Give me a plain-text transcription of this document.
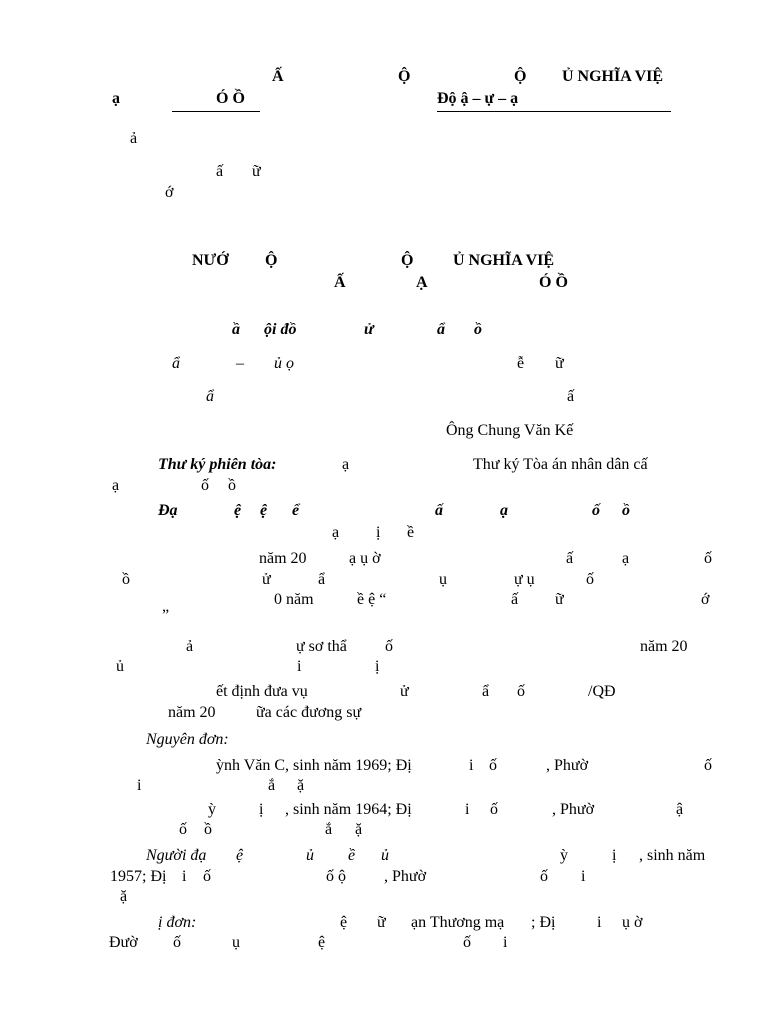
Ấ	Ộ	Ộ Ủ NGHĨA VIỆ
ạ	Ó Ồ	Độ ậ – ự – ạ
ả
ấ ữ
ớ
NƯỚ Ộ	Ộ Ủ NGHĨA VIỆ
Ấ	Ạ	Ó Ồ
ầ ội đồ	ử	ẩ ồ
ẩ	– ủ ọ	ễ ữ
ẩ	ấ
Ông Chung Văn Kế
Thư ký phiên tòa:	ạ	Thư ký Tòa án nhân dân cấ
ạ	ố ồ
Đạ	ệ ệ ể	ấ	ạ	ố ồ
ạ ị ề
năm 20	ạ ụ ờ	ấ	ạ	ố
ồ	ử	ẩ	ụ	ự ụ	ố
0 năm	ề ệ “	ấ ữ	ớ
”
ả	ự sơ thẩ ố	năm 20
ủ	i	ị
ết định đưa vụ	ử	ẩ ố	/QĐ
năm 20	ữa các đương sự
Nguyên đơn:
ỳnh Văn C, sinh năm 1969; Đị	i ố	, Phườ	ố
i	ắ ặ
ỳ	ị , sinh năm 1964; Đị	i ố	, Phườ	ậ
ố ồ	ắ ặ
Người đạ ệ	ủ ề ủ	ỳ	ị , sinh năm
1957; Đị i ố	ố ộ , Phườ	ố i
ặ
ị đơn:	ệ ữ ạn Thương mạ ; Đị	i ụ ờ
Đườ ố	ụ	ệ	ố i
